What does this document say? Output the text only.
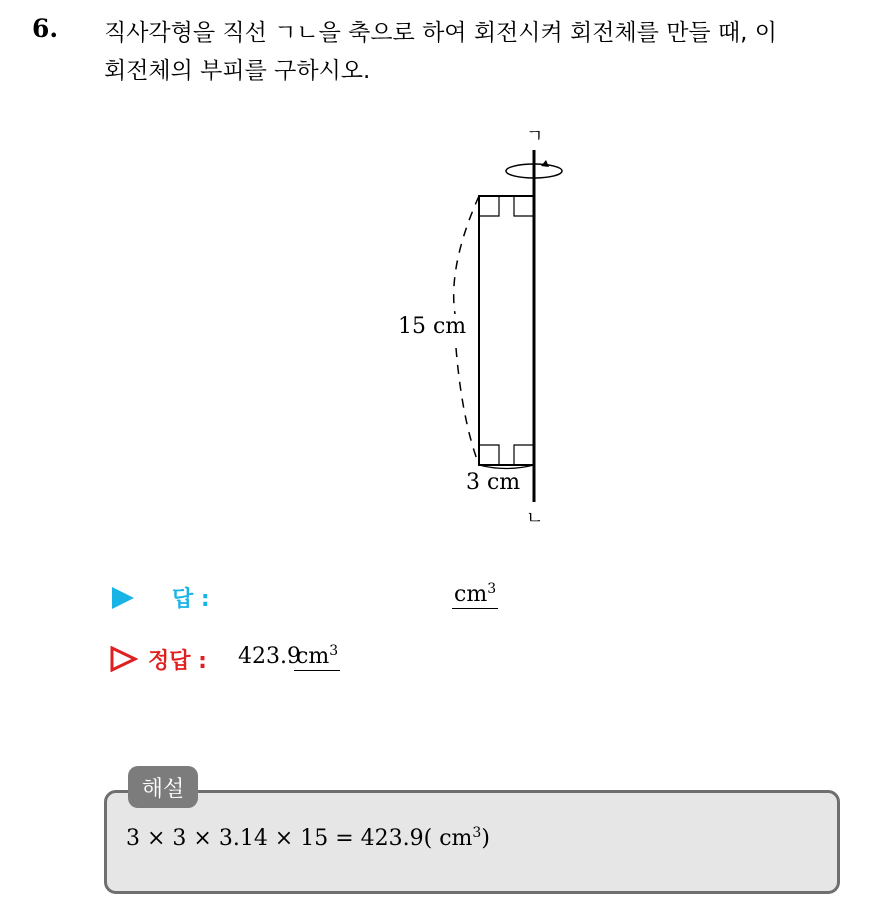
6. 직사각형을 직선 ㄱㄴ을 축으로 하여 회전시켜 회전체를 만들 때, 이
회전체의 부피를 구하시오.
ㄱ
ㄴ
15 cm
3 cm
답 :	$cm^3$
정답 : 423.9
$cm^3$
해설
3 × 3 × 3.14 × 15 = 423.9( $cm^3$)
